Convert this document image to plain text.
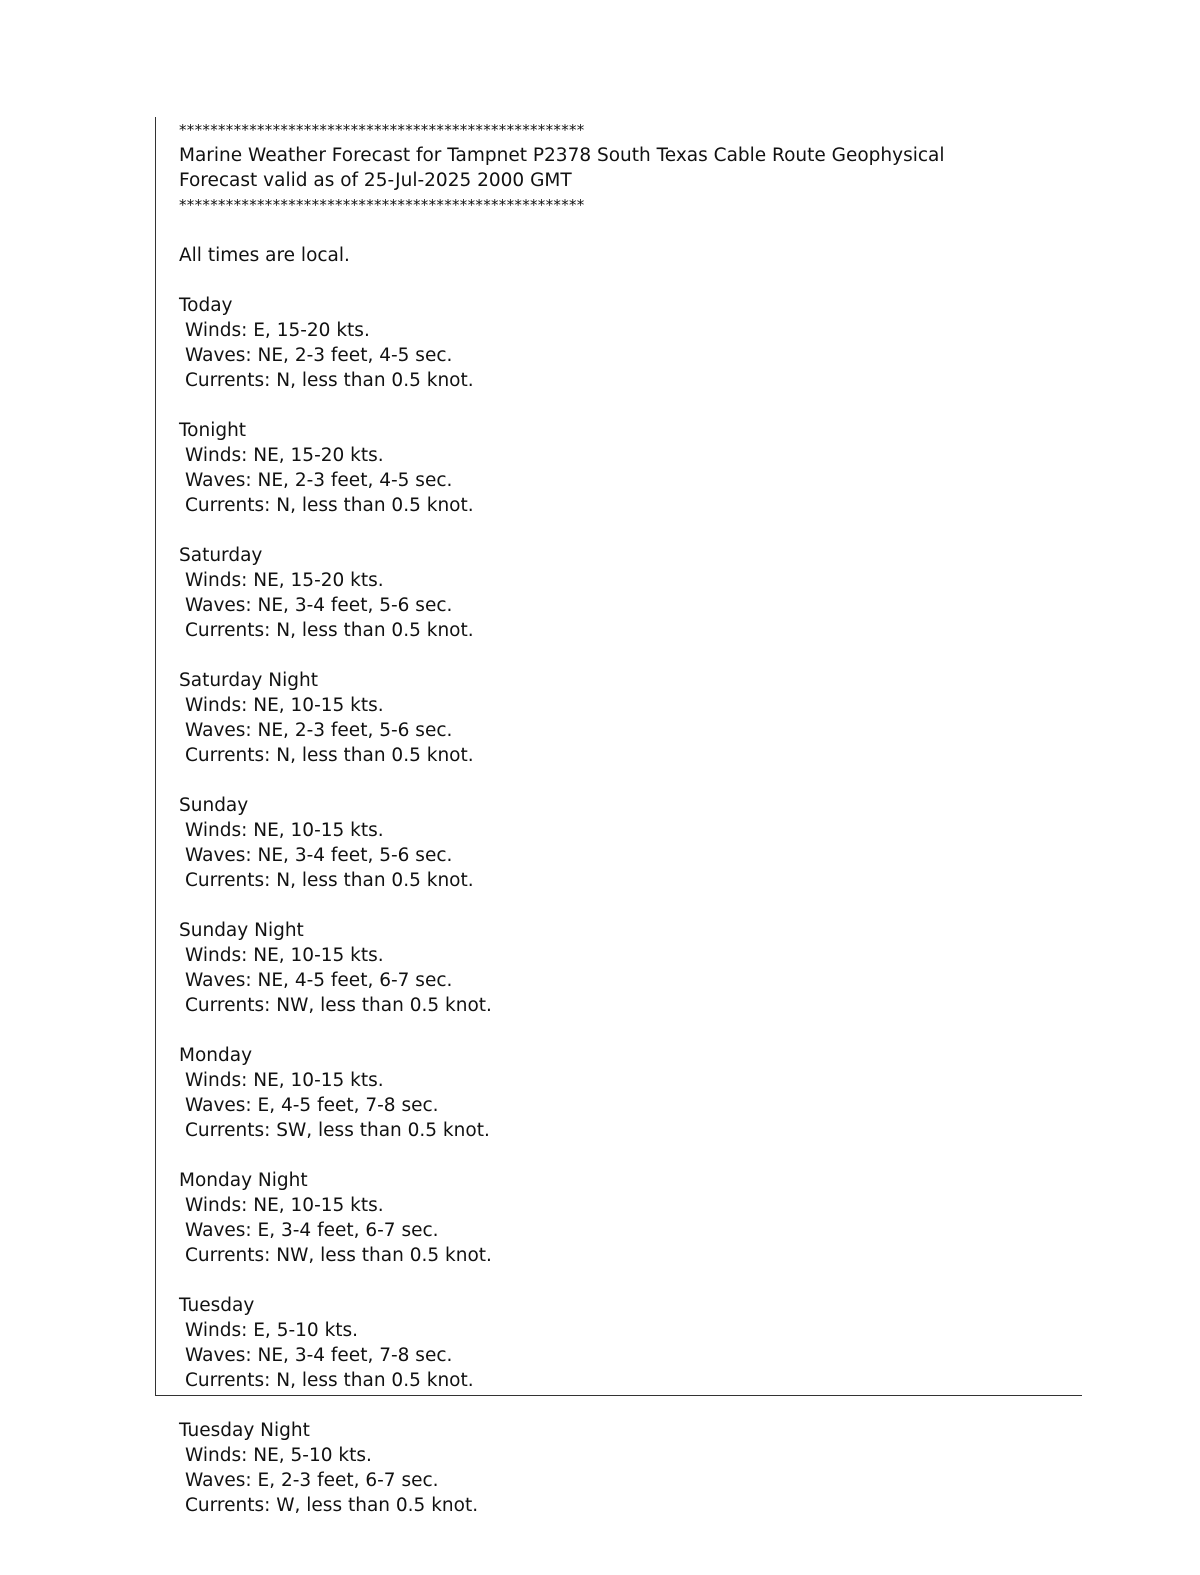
****************************************************
Marine Weather Forecast for Tampnet P2378 South Texas Cable Route Geophysical
Forecast valid as of 25-Jul-2025 2000 GMT
****************************************************
All times are local.
Today
Winds: E, 15-20 kts.
Waves: NE, 2-3 feet, 4-5 sec.
Currents: N, less than 0.5 knot.
Tonight
Winds: NE, 15-20 kts.
Waves: NE, 2-3 feet, 4-5 sec.
Currents: N, less than 0.5 knot.
Saturday
Winds: NE, 15-20 kts.
Waves: NE, 3-4 feet, 5-6 sec.
Currents: N, less than 0.5 knot.
Saturday Night
Winds: NE, 10-15 kts.
Waves: NE, 2-3 feet, 5-6 sec.
Currents: N, less than 0.5 knot.
Sunday
Winds: NE, 10-15 kts.
Waves: NE, 3-4 feet, 5-6 sec.
Currents: N, less than 0.5 knot.
Sunday Night
Winds: NE, 10-15 kts.
Waves: NE, 4-5 feet, 6-7 sec.
Currents: NW, less than 0.5 knot.
Monday
Winds: NE, 10-15 kts.
Waves: E, 4-5 feet, 7-8 sec.
Currents: SW, less than 0.5 knot.
Monday Night
Winds: NE, 10-15 kts.
Waves: E, 3-4 feet, 6-7 sec.
Currents: NW, less than 0.5 knot.
Tuesday
Winds: E, 5-10 kts.
Waves: NE, 3-4 feet, 7-8 sec.
Currents: N, less than 0.5 knot.
Tuesday Night
Winds: NE, 5-10 kts.
Waves: E, 2-3 feet, 6-7 sec.
Currents: W, less than 0.5 knot.
